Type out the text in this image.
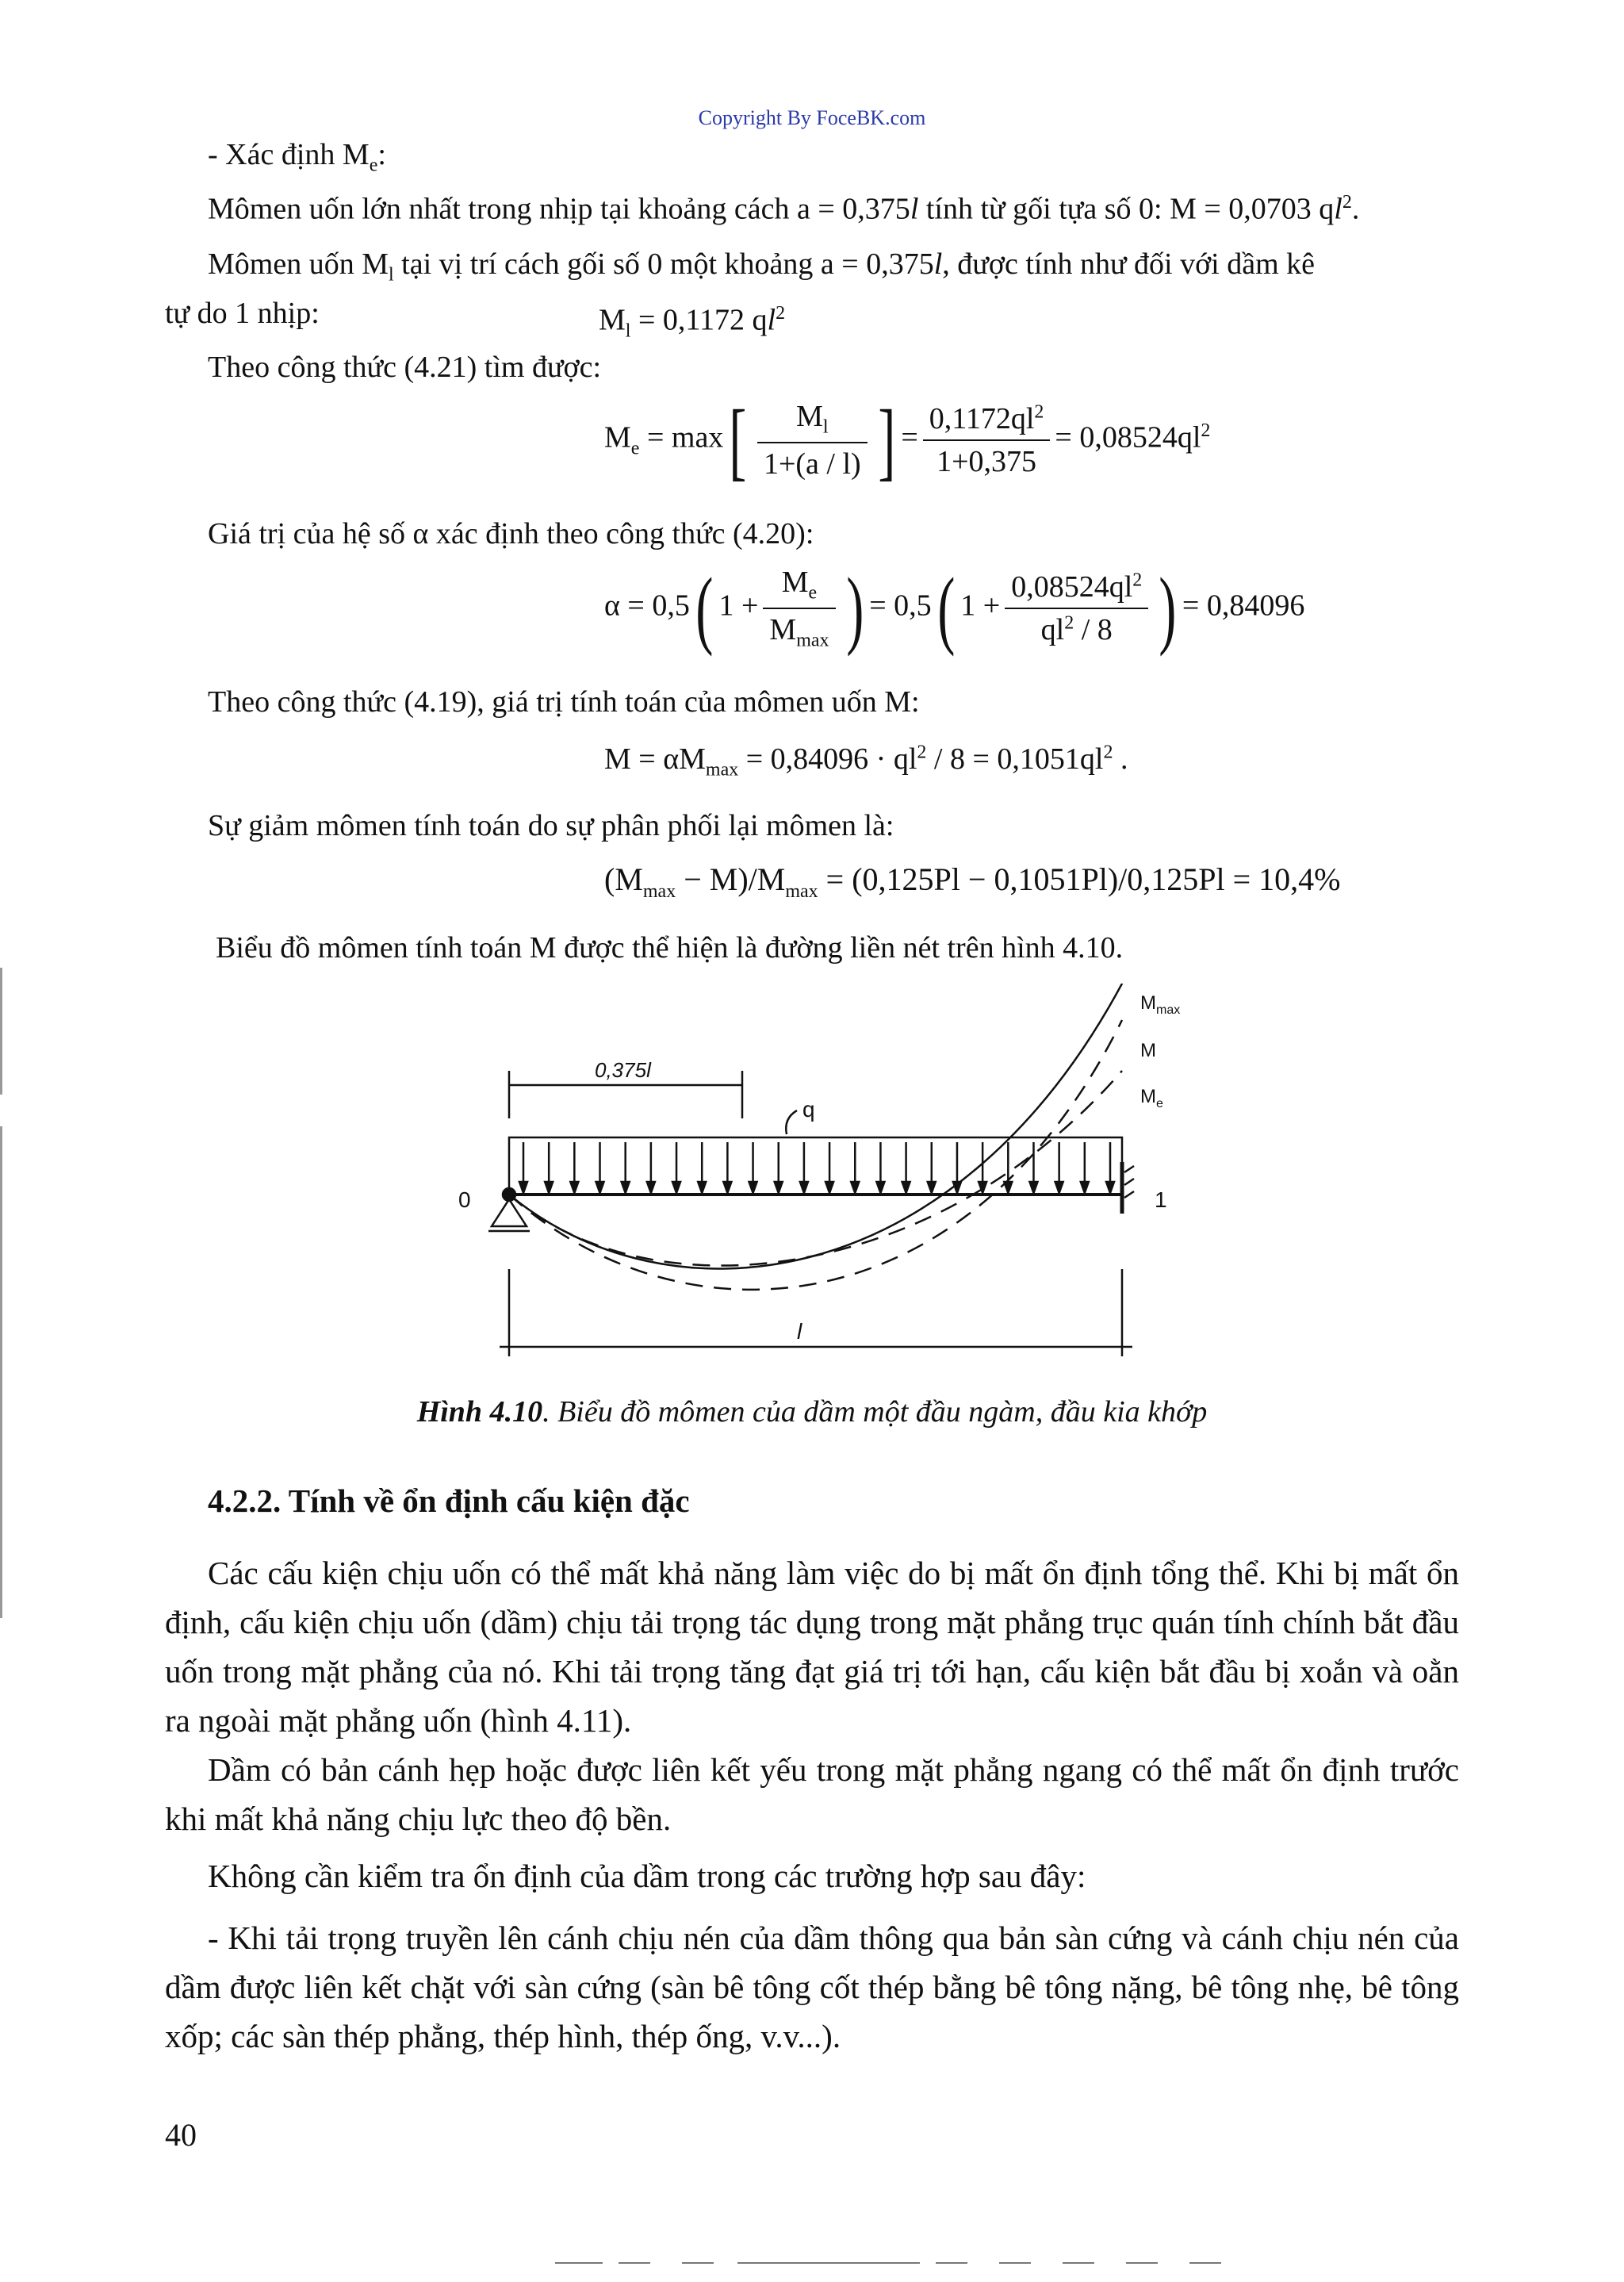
Copyright By FoceBK.com
- Xác định $M_e$:
Mômen uốn lớn nhất trong nhịp tại khoảng cách a = 0,375l tính từ gối tựa số 0: M = 0,0703 $ql^2$.
Mômen uốn $M_l$ tại vị trí cách gối số 0 một khoảng a = 0,375l, được tính như đối với dầm kê
tự do 1 nhịp:	$M_l = 0,1172$ $ql^2$
Theo công thức (4.21) tìm được:
$M_e = \max[ \frac{M_l}{1+(a / l)}$ ] = $\frac{0,1172ql^2}{1+0,375} = 0,08524ql^2$
Giá trị của hệ số α xác định theo công thức (4.20):
α = 0,5( $1 + \frac{M_e}{M_{max}}$ ) = 0,5( $1 + \frac{0,08524ql^2}{ql^2 / 8}$ ) = 0,84096
Theo công thức (4.19), giá trị tính toán của mômen uốn M:
$M = \alpha M_{max} = 0,84096 \cdot ql^2 / 8 = 0,1051ql^2$ .
Sự giảm mômen tính toán do sự phân phối lại mômen là:
$(M_{max} - M)/M_{max} = (0,125Pl - 0,1051Pl)/0,125Pl = 10,4\%$
Biểu đồ mômen tính toán M được thể hiện là đường liền nét trên hình 4.10.
0,375l
q
0	1
$M_{max}$
M
$M_e$
l
Hình 4.10. Biểu đồ mômen của dầm một đầu ngàm, đầu kia khớp
4.2.2. Tính về ổn định cấu kiện đặc
Các cấu kiện chịu uốn có thể mất khả năng làm việc do bị mất ổn định tổng thể. Khi bị mất ổn định, cấu kiện chịu uốn (dầm) chịu tải trọng tác dụng trong mặt phẳng trục quán tính chính bắt đầu uốn trong mặt phẳng của nó. Khi tải trọng tăng đạt giá trị tới hạn, cấu kiện bắt đầu bị xoắn và oằn ra ngoài mặt phẳng uốn (hình 4.11).
Dầm có bản cánh hẹp hoặc được liên kết yếu trong mặt phẳng ngang có thể mất ổn định trước khi mất khả năng chịu lực theo độ bền.
Không cần kiểm tra ổn định của dầm trong các trường hợp sau đây:
- Khi tải trọng truyền lên cánh chịu nén của dầm thông qua bản sàn cứng và cánh chịu nén của dầm được liên kết chặt với sàn cứng (sàn bê tông cốt thép bằng bê tông nặng, bê tông nhẹ, bê tông xốp; các sàn thép phẳng, thép hình, thép ống, v.v...).
40
